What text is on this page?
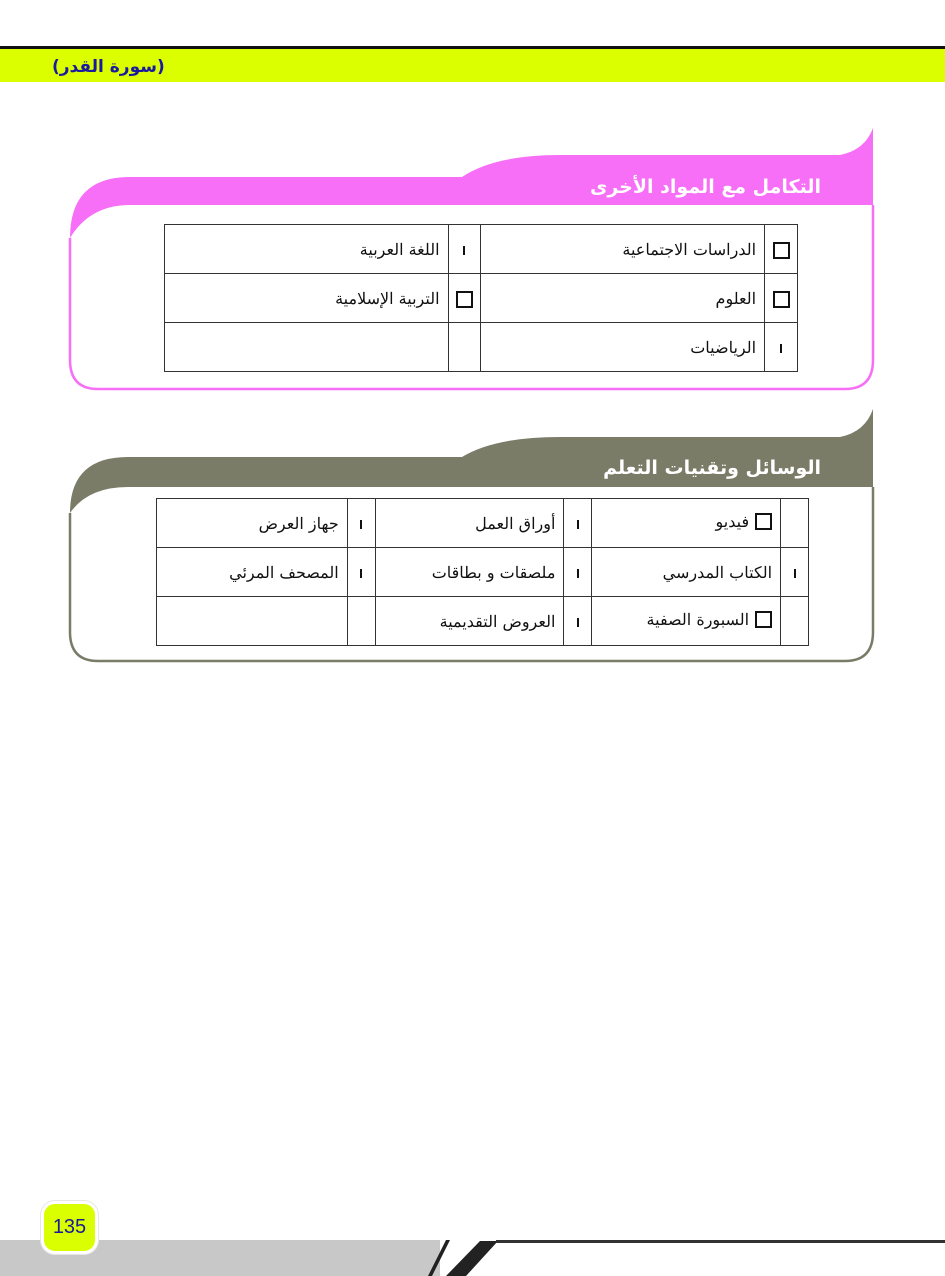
(سورة القدر)
التكامل مع المواد الأخرى
	الدراسات الاجتماعية		اللغة العربية
	العلوم		التربية الإسلامية
	الرياضيات		
الوسائل وتقنيات التعلم

	فيديو		أوراق العمل		جهاز العرض
	الكتاب المدرسي		ملصقات و بطاقات		المصحف المرئي

	السبورة الصفية		العروض التقديمية		
135
